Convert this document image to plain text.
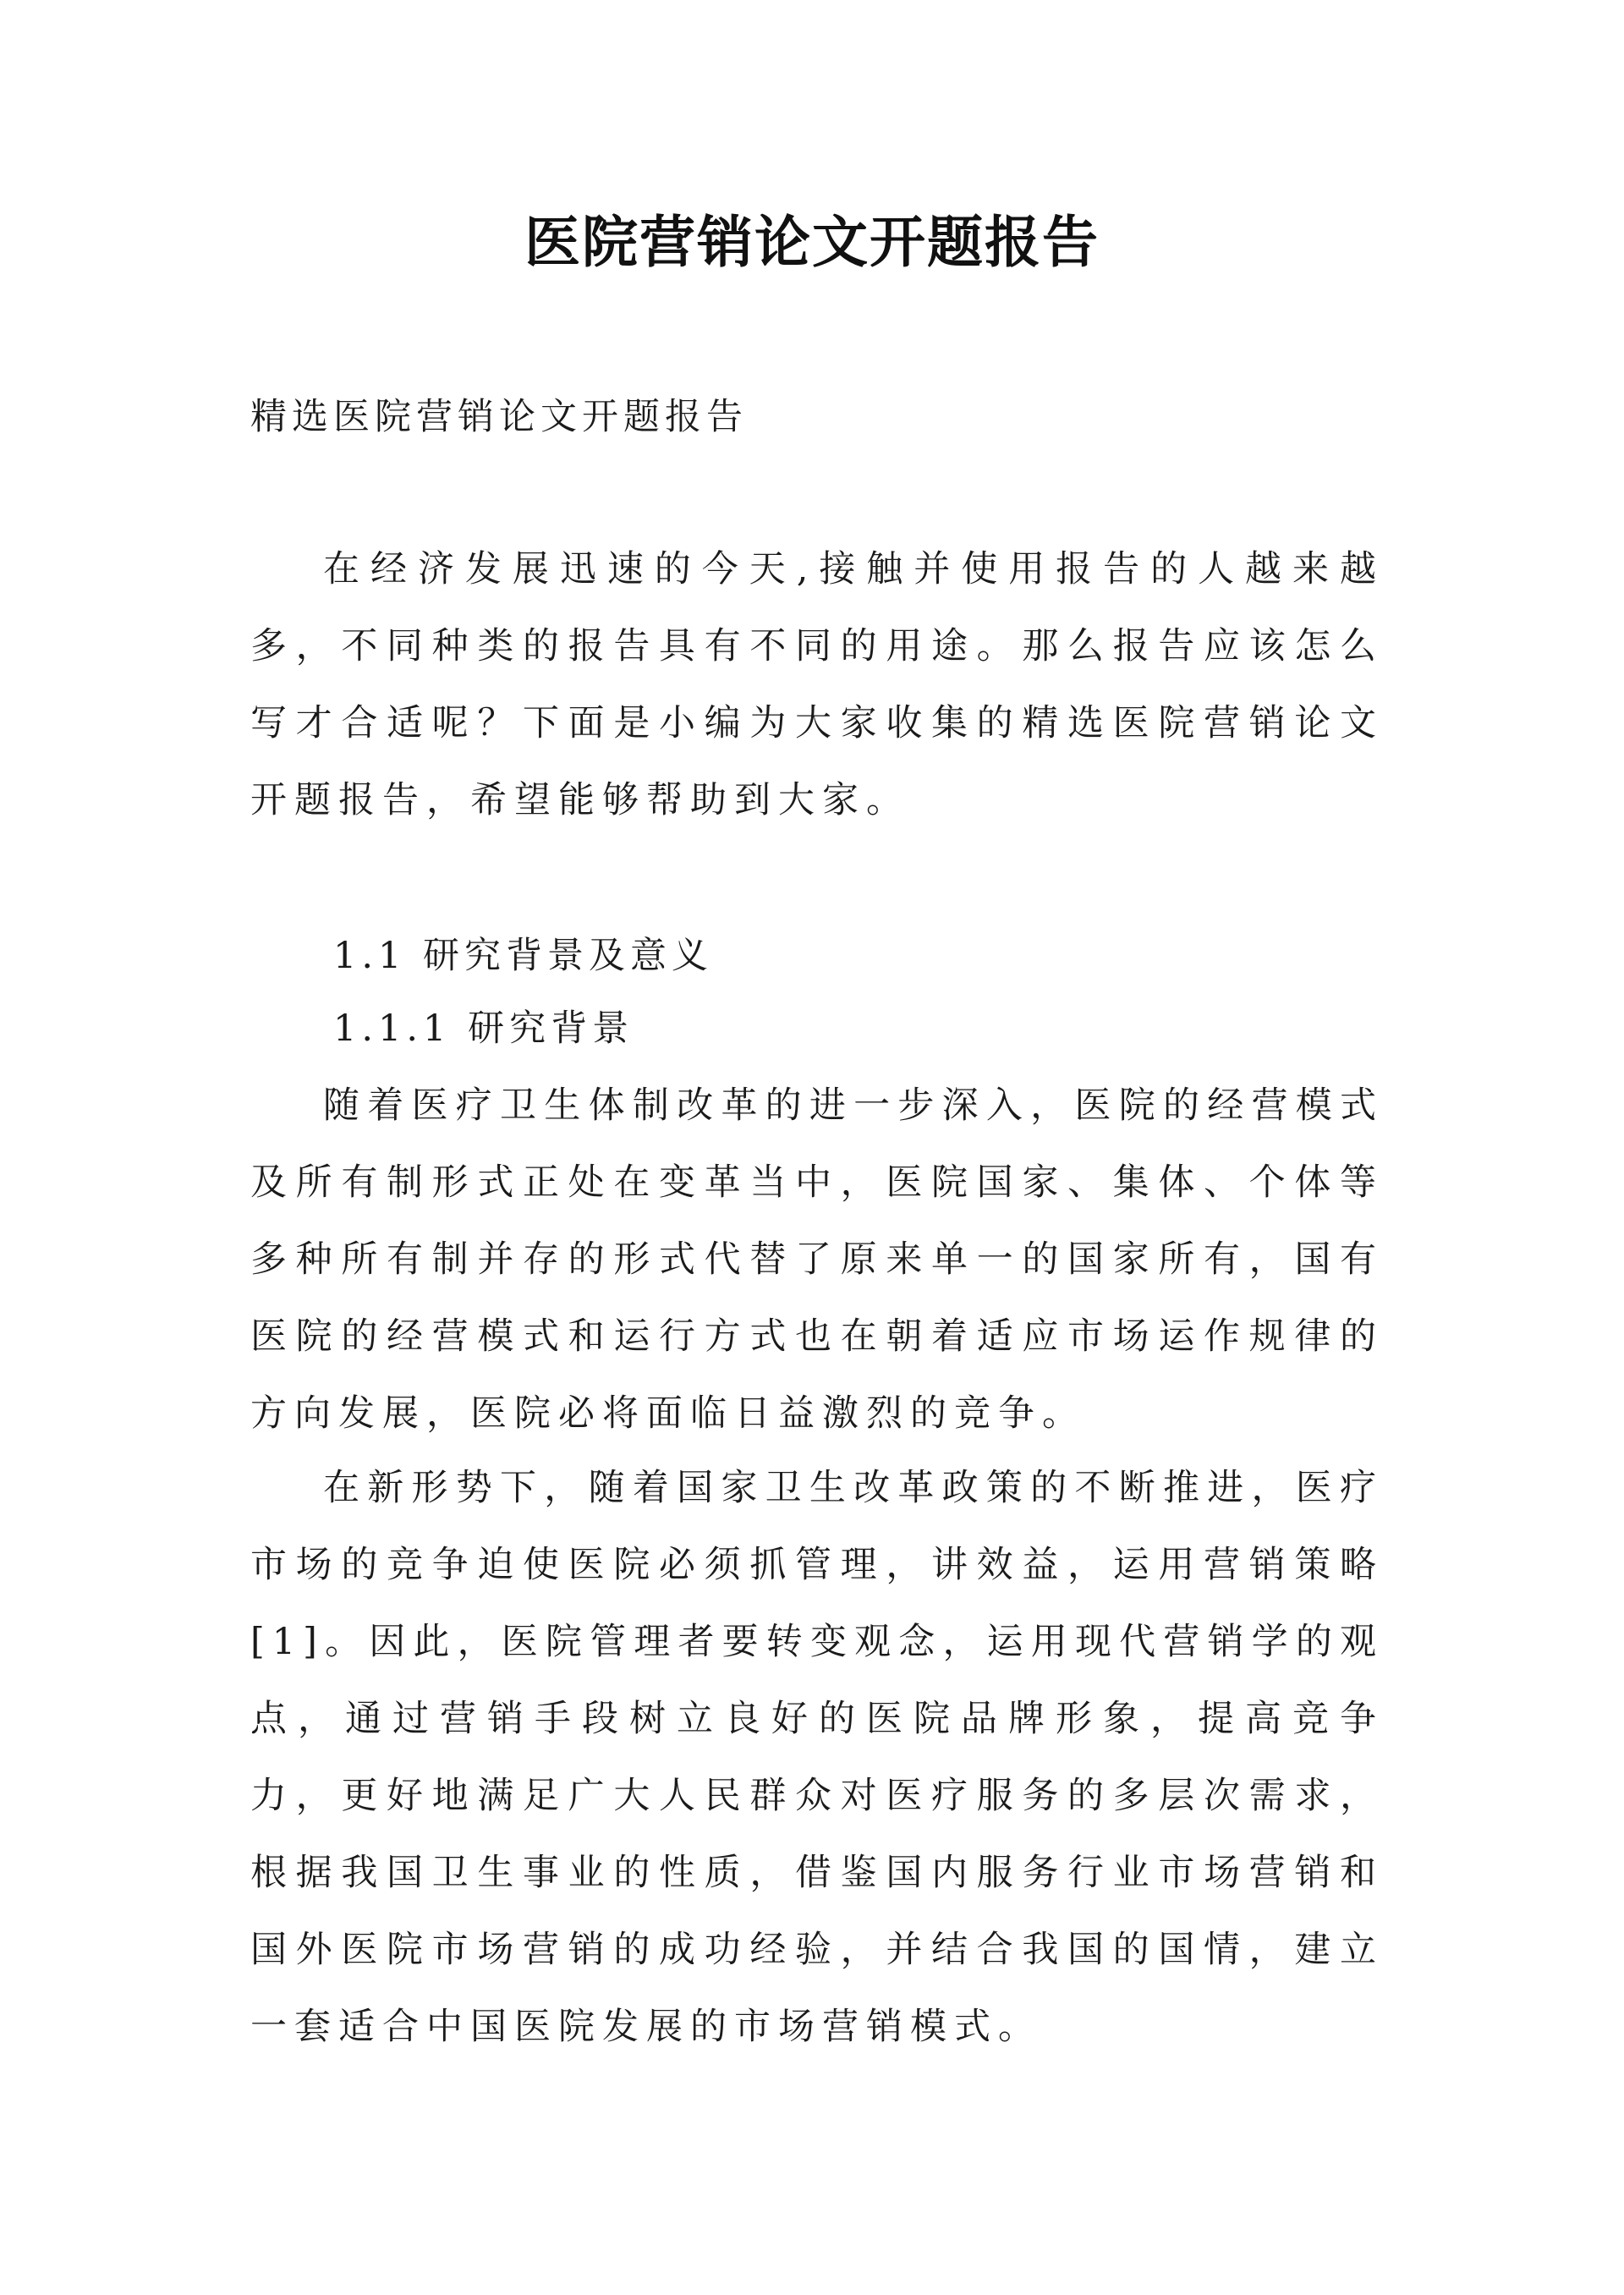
医院营销论文开题报告
精选医院营销论文开题报告

在经济发展迅速的今天,接触并使用报告的人越来越多，不同种类的报告具有不同的用途。那么报告应该怎么写才合适呢？下面是小编为大家收集的精选医院营销论文开题报告，希望能够帮助到大家。

1.1 研究背景及意义
1.1.1 研究背景

随着医疗卫生体制改革的进一步深入，医院的经营模式及所有制形式正处在变革当中，医院国家、集体、个体等多种所有制并存的形式代替了原来单一的国家所有，国有医院的经营模式和运行方式也在朝着适应市场运作规律的方向发展，医院必将面临日益激烈的竞争。

在新形势下，随着国家卫生改革政策的不断推进，医疗市场的竞争迫使医院必须抓管理，讲效益，运用营销策略[1]。因此，医院管理者要转变观念，运用现代营销学的观点，通过营销手段树立良好的医院品牌形象，提高竞争力，更好地满足广大人民群众对医疗服务的多层次需求，根据我国卫生事业的性质，借鉴国内服务行业市场营销和国外医院市场营销的成功经验，并结合我国的国情，建立一套适合中国医院发展的市场营销模式。
